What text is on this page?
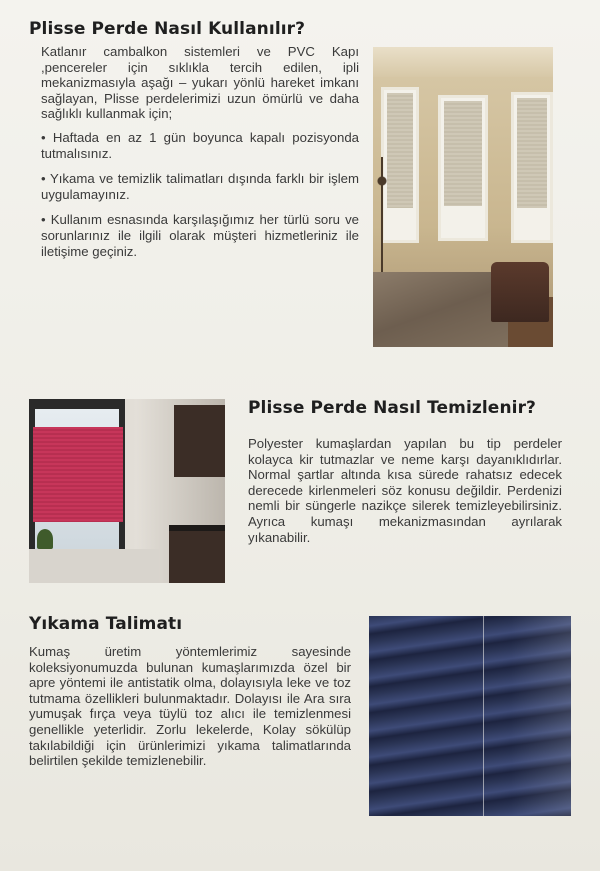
Plisse Perde Nasıl Kullanılır?

Katlanır cambalkon sistemleri ve PVC Kapı ,pencereler için sıklıkla tercih edilen, ipli mekanizmasıyla aşağı – yukarı yönlü hareket imkanı sağlayan, Plisse perdelerimizi uzun ömürlü ve daha sağlıklı kullanmak için;

• Haftada en az 1 gün boyunca kapalı pozisyonda tutmalısınız.
• Yıkama ve temizlik talimatları dışında farklı bir işlem uygulamayınız.
• Kullanım esnasında karşılaşığımız her türlü soru ve sorunlarınız ile ilgili olarak müşteri hizmetleriniz ile iletişime geçiniz.
Plisse Perde Nasıl Temizlenir?

Polyester kumaşlardan yapılan bu tip perdeler kolayca kir tutmazlar ve neme karşı dayanıklıdırlar. Normal şartlar altında kısa sürede rahatsız edecek derecede kirlenmeleri söz konusu değildir. Perdenizi nemli bir süngerle nazikçe silerek temizleyebilirsiniz. Ayrıca kumaşı mekanizmasından ayrılarak yıkanabilir.

Yıkama Talimatı

Kumaş üretim yöntemlerimiz sayesinde koleksiyonumuzda bulunan kumaşlarımızda özel bir apre yöntemi ile antistatik olma, dolayısıyla leke ve toz tutmama özellikleri bulunmaktadır. Dolayısı ile Ara sıra yumuşak fırça veya tüylü toz alıcı ile temizlenmesi genellikle yeterlidir. Zorlu lekelerde, Kolay sökülüp takılabildiği için ürünlerimizi yıkama talimatlarında belirtilen şekilde temizlenebilir.
